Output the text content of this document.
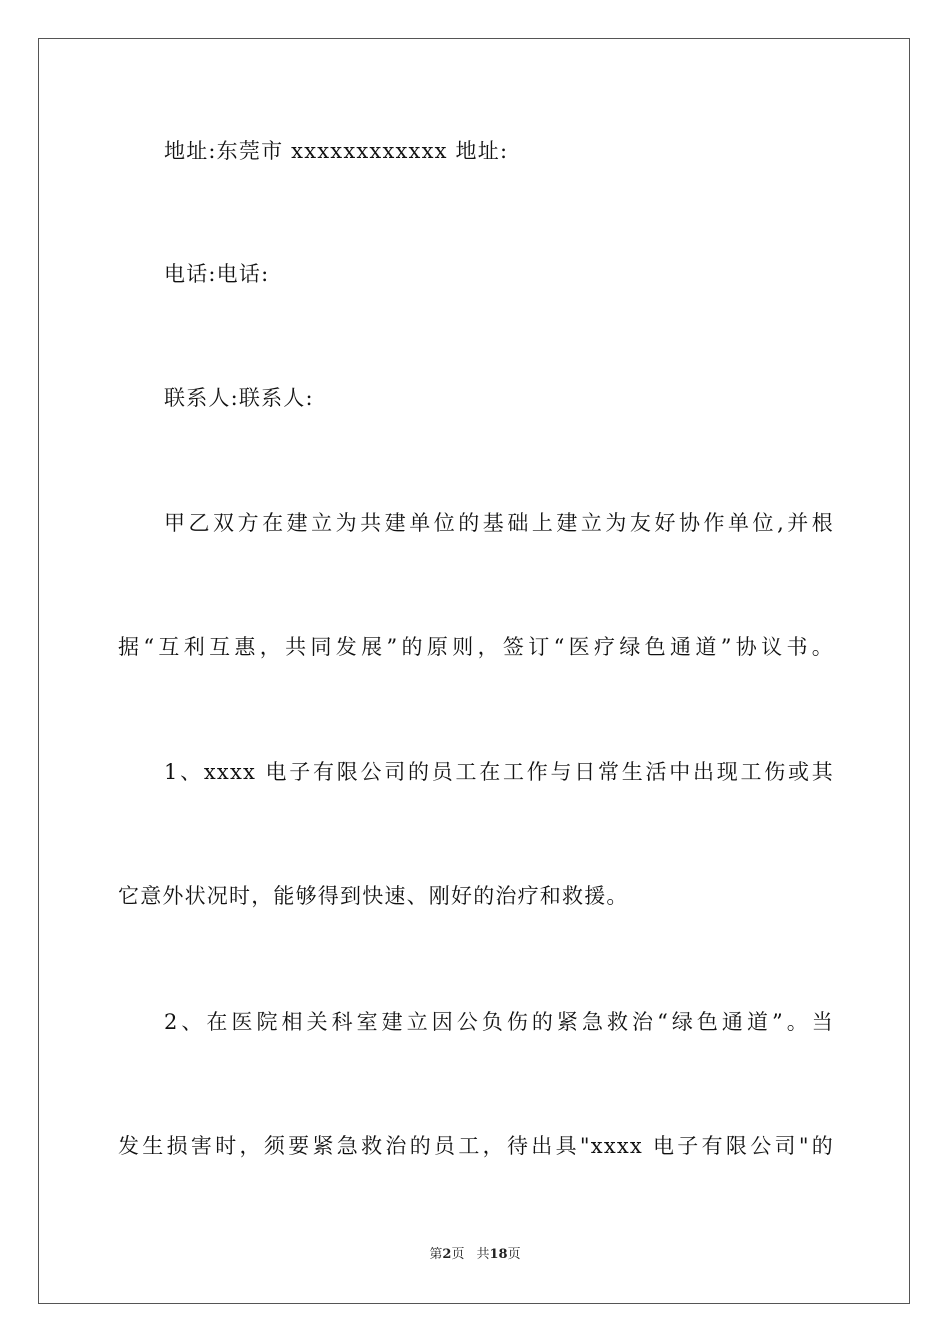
地址:东莞市 xxxxxxxxxxxx 地址:
电话:电话:
联系人:联系人:
甲乙双方在建立为共建单位的基础上建立为友好协作单位,并根
据“互利互惠，共同发展”的原则，签订“医疗绿色通道”协议书。
1、xxxx 电子有限公司的员工在工作与日常生活中出现工伤或其
它意外状况时，能够得到快速、刚好的治疗和救援。
2、在医院相关科室建立因公负伤的紧急救治“绿色通道”。当
发生损害时，须要紧急救治的员工，待出具"xxxx 电子有限公司"的
第2页 共18页
